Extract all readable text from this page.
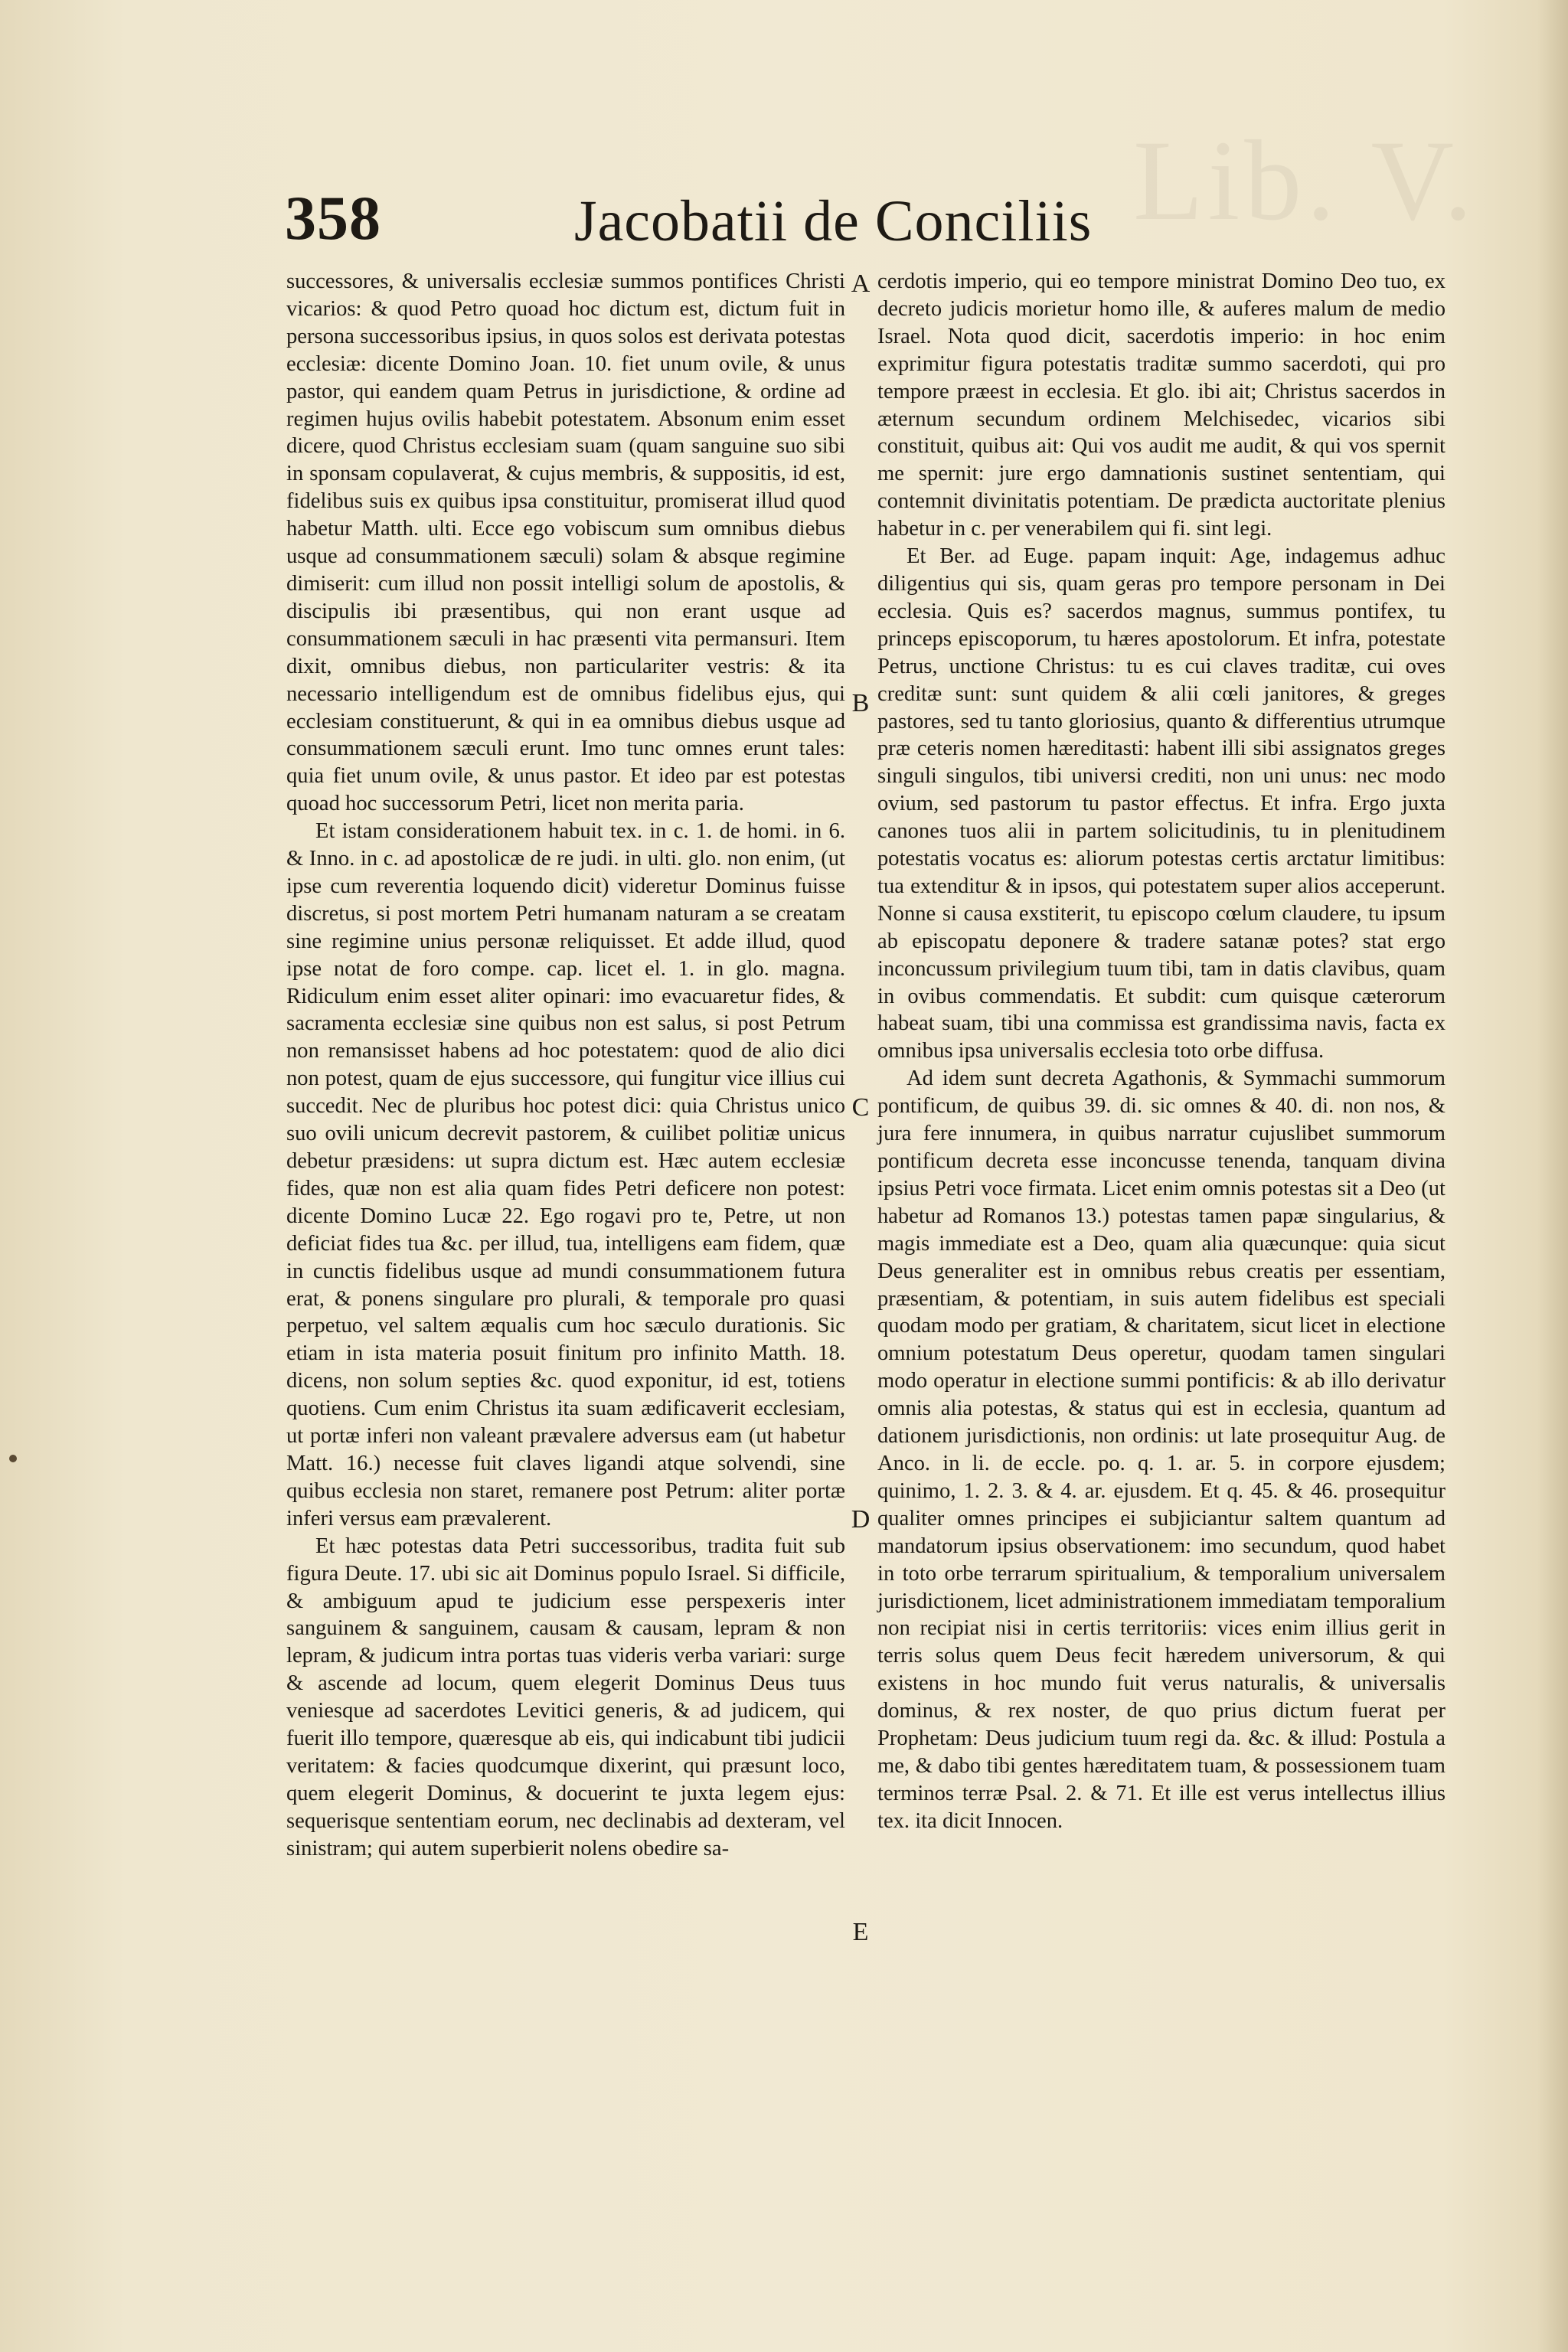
Lib. V.
358	Jacobatii de Conciliis

successores, & universalis ecclesiæ summos pontifices Christi vicarios: & quod Petro quoad hoc dictum est, dictum fuit in persona successoribus ipsius, in quos solos est derivata potestas ecclesiæ: dicente Domino Joan. 10. fiet unum ovile, & unus pastor, qui eandem quam Petrus in jurisdictione, & ordine ad regimen hujus ovilis habebit potestatem. Absonum enim esset dicere, quod Christus ecclesiam suam (quam sanguine suo sibi in sponsam copulaverat, & cujus membris, & suppositis, id est, fidelibus suis ex quibus ipsa constituitur, promiserat illud quod habetur Matth. ulti. Ecce ego vobiscum sum omnibus diebus usque ad consummationem sæculi) solam & absque regimine dimiserit: cum illud non possit intelligi solum de apostolis, & discipulis ibi præsentibus, qui non erant usque ad consummationem sæculi in hac præsenti vita permansuri. Item dixit, omnibus diebus, non particulariter vestris: & ita necessario intelligendum est de omnibus fidelibus ejus, qui ecclesiam constituerunt, & qui in ea omnibus diebus usque ad consummationem sæculi erunt. Imo tunc omnes erunt tales: quia fiet unum ovile, & unus pastor. Et ideo par est potestas quoad hoc successorum Petri, licet non merita paria.

Et istam considerationem habuit tex. in c. 1. de homi. in 6. & Inno. in c. ad apostolicæ de re judi. in ulti. glo. non enim, (ut ipse cum reverentia loquendo dicit) videretur Dominus fuisse discretus, si post mortem Petri humanam naturam a se creatam sine regimine unius personæ reliquisset. Et adde illud, quod ipse notat de foro compe. cap. licet el. 1. in glo. magna. Ridiculum enim esset aliter opinari: imo evacuaretur fides, & sacramenta ecclesiæ sine quibus non est salus, si post Petrum non remansisset habens ad hoc potestatem: quod de alio dici non potest, quam de ejus successore, qui fungitur vice illius cui succedit. Nec de pluribus hoc potest dici: quia Christus unico suo ovili unicum decrevit pastorem, & cuilibet politiæ unicus debetur præsidens: ut supra dictum est. Hæc autem ecclesiæ fides, quæ non est alia quam fides Petri deficere non potest: dicente Domino Lucæ 22. Ego rogavi pro te, Petre, ut non deficiat fides tua &c. per illud, tua, intelligens eam fidem, quæ in cunctis fidelibus usque ad mundi consummationem futura erat, & ponens singulare pro plurali, & temporale pro quasi perpetuo, vel saltem æqualis cum hoc sæculo durationis. Sic etiam in ista materia posuit finitum pro infinito Matth. 18. dicens, non solum septies &c. quod exponitur, id est, totiens quotiens. Cum enim Christus ita suam ædificaverit ecclesiam, ut portæ inferi non valeant prævalere adversus eam (ut habetur Matt. 16.) necesse fuit claves ligandi atque solvendi, sine quibus ecclesia non staret, remanere post Petrum: aliter portæ inferi versus eam prævalerent.

Et hæc potestas data Petri successoribus, tradita fuit sub figura Deute. 17. ubi sic ait Dominus populo Israel. Si difficile, & ambiguum apud te judicium esse perspexeris inter sanguinem & sanguinem, causam & causam, lepram & non lepram, & judicum intra portas tuas videris verba variari: surge & ascende ad locum, quem elegerit Dominus Deus tuus veniesque ad sacerdotes Levitici generis, & ad judicem, qui fuerit illo tempore, quæresque ab eis, qui indicabunt tibi judicii veritatem: & facies quodcumque dixerint, qui præsunt loco, quem elegerit Dominus, & docuerint te juxta legem ejus: sequerisque sententiam eorum, nec declinabis ad dexteram, vel sinistram; qui autem superbierit nolens obedire sa-

A
B
C
D
E

cerdotis imperio, qui eo tempore ministrat Domino Deo tuo, ex decreto judicis morietur homo ille, & auferes malum de medio Israel. Nota quod dicit, sacerdotis imperio: in hoc enim exprimitur figura potestatis traditæ summo sacerdoti, qui pro tempore præest in ecclesia. Et glo. ibi ait; Christus sacerdos in æternum secundum ordinem Melchisedec, vicarios sibi constituit, quibus ait: Qui vos audit me audit, & qui vos spernit me spernit: jure ergo damnationis sustinet sententiam, qui contemnit divinitatis potentiam. De prædicta auctoritate plenius habetur in c. per venerabilem qui fi. sint legi.

Et Ber. ad Euge. papam inquit: Age, indagemus adhuc diligentius qui sis, quam geras pro tempore personam in Dei ecclesia. Quis es? sacerdos magnus, summus pontifex, tu princeps episcoporum, tu hæres apostolorum. Et infra, potestate Petrus, unctione Christus: tu es cui claves traditæ, cui oves creditæ sunt: sunt quidem & alii cœli janitores, & greges pastores, sed tu tanto gloriosius, quanto & differentius utrumque præ ceteris nomen hæreditasti: habent illi sibi assignatos greges singuli singulos, tibi universi crediti, non uni unus: nec modo ovium, sed pastorum tu pastor effectus. Et infra. Ergo juxta canones tuos alii in partem solicitudinis, tu in plenitudinem potestatis vocatus es: aliorum potestas certis arctatur limitibus: tua extenditur & in ipsos, qui potestatem super alios acceperunt. Nonne si causa exstiterit, tu episcopo cœlum claudere, tu ipsum ab episcopatu deponere & tradere satanæ potes? stat ergo inconcussum privilegium tuum tibi, tam in datis clavibus, quam in ovibus commendatis. Et subdit: cum quisque cæterorum habeat suam, tibi una commissa est grandissima navis, facta ex omnibus ipsa universalis ecclesia toto orbe diffusa.

Ad idem sunt decreta Agathonis, & Symmachi summorum pontificum, de quibus 39. di. sic omnes & 40. di. non nos, & jura fere innumera, in quibus narratur cujuslibet summorum pontificum decreta esse inconcusse tenenda, tanquam divina ipsius Petri voce firmata. Licet enim omnis potestas sit a Deo (ut habetur ad Romanos 13.) potestas tamen papæ singularius, & magis immediate est a Deo, quam alia quæcunque: quia sicut Deus generaliter est in omnibus rebus creatis per essentiam, præsentiam, & potentiam, in suis autem fidelibus est speciali quodam modo per gratiam, & charitatem, sicut licet in electione omnium potestatum Deus operetur, quodam tamen singulari modo operatur in electione summi pontificis: & ab illo derivatur omnis alia potestas, & status qui est in ecclesia, quantum ad dationem jurisdictionis, non ordinis: ut late prosequitur Aug. de Anco. in li. de eccle. po. q. 1. ar. 5. in corpore ejusdem; quinimo, 1. 2. 3. & 4. ar. ejusdem. Et q. 45. & 46. prosequitur qualiter omnes principes ei subjiciantur saltem quantum ad mandatorum ipsius observationem: imo secundum, quod habet in toto orbe terrarum spiritualium, & temporalium universalem jurisdictionem, licet administrationem immediatam temporalium non recipiat nisi in certis territoriis: vices enim illius gerit in terris solus quem Deus fecit hæredem universorum, & qui existens in hoc mundo fuit verus naturalis, & universalis dominus, & rex noster, de quo prius dictum fuerat per Prophetam: Deus judicium tuum regi da. &c. & illud: Postula a me, & dabo tibi gentes hæreditatem tuam, & possessionem tuam terminos terræ Psal. 2. & 71. Et ille est verus intellectus illius tex. ita dicit Innocen.
